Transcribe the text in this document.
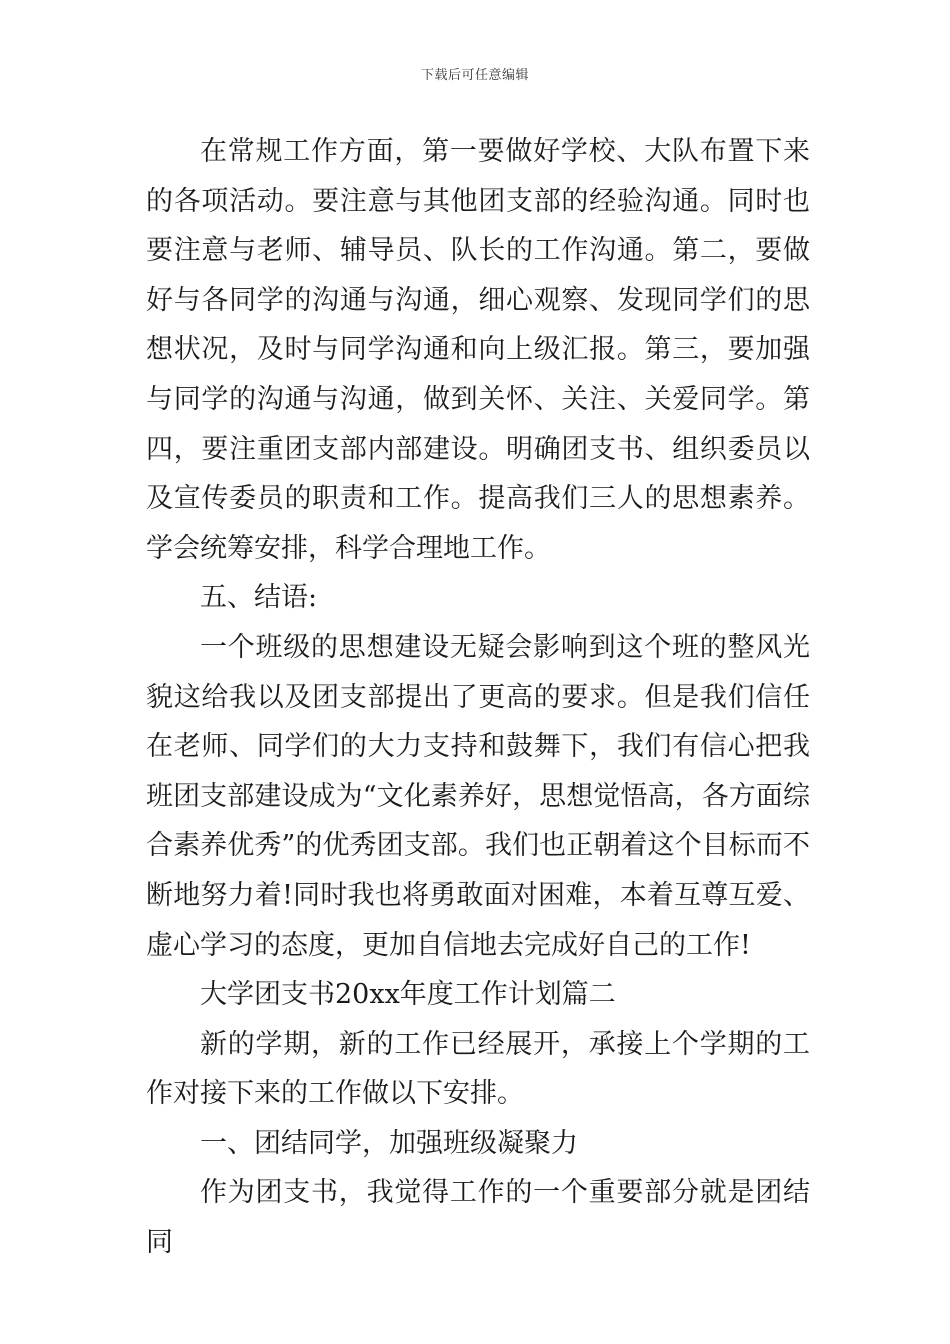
下载后可任意编辑

在常规工作方面，第一要做好学校、大队布置下来的各项活动。要注意与其他团支部的经验沟通。同时也要注意与老师、辅导员、队长的工作沟通。第二，要做好与各同学的沟通与沟通，细心观察、发现同学们的思想状况，及时与同学沟通和向上级汇报。第三，要加强与同学的沟通与沟通，做到关怀、关注、关爱同学。第四，要注重团支部内部建设。明确团支书、组织委员以及宣传委员的职责和工作。提高我们三人的思想素养。学会统筹安排，科学合理地工作。

五、结语:

一个班级的思想建设无疑会影响到这个班的整风光貌这给我以及团支部提出了更高的要求。但是我们信任在老师、同学们的大力支持和鼓舞下，我们有信心把我班团支部建设成为“文化素养好，思想觉悟高，各方面综合素养优秀”的优秀团支部。我们也正朝着这个目标而不断地努力着!同时我也将勇敢面对困难，本着互尊互爱、虚心学习的态度，更加自信地去完成好自己的工作!

大学团支书20xx年度工作计划篇二

新的学期，新的工作已经展开，承接上个学期的工作对接下来的工作做以下安排。

一、团结同学，加强班级凝聚力

作为团支书，我觉得工作的一个重要部分就是团结同
